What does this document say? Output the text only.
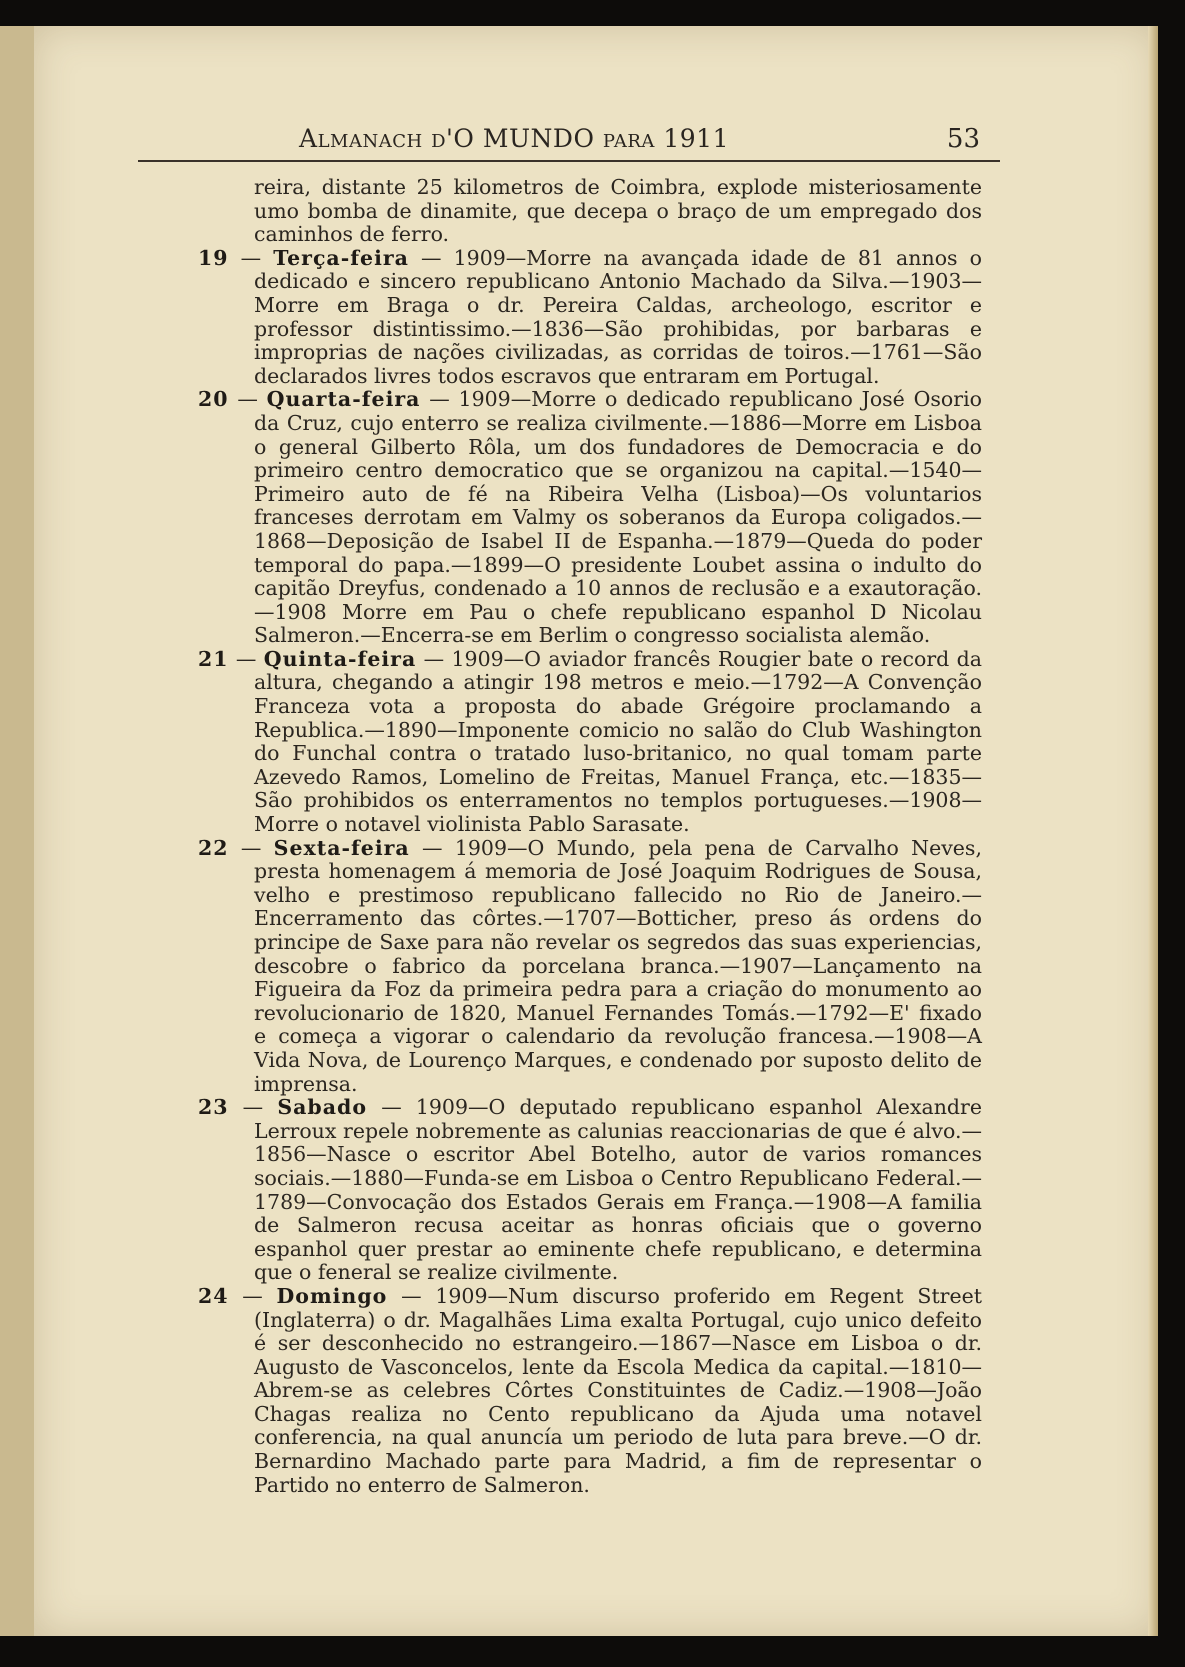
Almanach d'O MUNDO para 1911	53

reira, distante 25 kilometros de Coimbra, explode misteriosamente umo bomba de dinamite, que decepa o braço de um empregado dos caminhos de ferro.

19 — Terça-feira — 1909—Morre na avançada idade de 81 annos o dedicado e sincero republicano Antonio Machado da Silva.—1903—Morre em Braga o dr. Pereira Caldas, archeologo, escritor e professor distintissimo.—1836—São prohibidas, por barbaras e improprias de nações civilizadas, as corridas de toiros.—1761—São declarados livres todos escravos que entraram em Portugal.

20 — Quarta-feira — 1909—Morre o dedicado republicano José Osorio da Cruz, cujo enterro se realiza civilmente.—1886—Morre em Lisboa o general Gilberto Rôla, um dos fundadores de Democracia e do primeiro centro democratico que se organizou na capital.—1540—Primeiro auto de fé na Ribeira Velha (Lisboa)—Os voluntarios franceses derrotam em Valmy os soberanos da Europa coligados.—1868—Deposição de Isabel II de Espanha.—1879—Queda do poder temporal do papa.—1899—O presidente Loubet assina o indulto do capitão Dreyfus, condenado a 10 annos de reclusão e a exautoração.—1908 Morre em Pau o chefe republicano espanhol D Nicolau Salmeron.—Encerra-se em Berlim o congresso socialista alemão.

21 — Quinta-feira — 1909—O aviador francês Rougier bate o record da altura, chegando a atingir 198 metros e meio.—1792—A Convenção Franceza vota a proposta do abade Grégoire proclamando a Republica.—1890—Imponente comicio no salão do Club Washington do Funchal contra o tratado luso-britanico, no qual tomam parte Azevedo Ramos, Lomelino de Freitas, Manuel França, etc.—1835—São prohibidos os enterramentos no templos portugueses.—1908—Morre o notavel violinista Pablo Sarasate.

22 — Sexta-feira — 1909—O Mundo, pela pena de Carvalho Neves, presta homenagem á memoria de José Joaquim Rodrigues de Sousa, velho e prestimoso republicano fallecido no Rio de Janeiro.—Encerramento das côrtes.—1707—Botticher, preso ás ordens do principe de Saxe para não revelar os segredos das suas experiencias, descobre o fabrico da porcelana branca.—1907—Lançamento na Figueira da Foz da primeira pedra para a criação do monumento ao revolucionario de 1820, Manuel Fernandes Tomás.—1792—E' fixado e começa a vigorar o calendario da revolução francesa.—1908—A Vida Nova, de Lourenço Marques, e condenado por suposto delito de imprensa.

23 — Sabado — 1909—O deputado republicano espanhol Alexandre Lerroux repele nobremente as calunias reaccionarias de que é alvo.—1856—Nasce o escritor Abel Botelho, autor de varios romances sociais.—1880—Funda-se em Lisboa o Centro Republicano Federal.—1789—Convocação dos Estados Gerais em França.—1908—A familia de Salmeron recusa aceitar as honras oficiais que o governo espanhol quer prestar ao eminente chefe republicano, e determina que o feneral se realize civilmente.

24 — Domingo — 1909—Num discurso proferido em Regent Street (Inglaterra) o dr. Magalhães Lima exalta Portugal, cujo unico defeito é ser desconhecido no estrangeiro.—1867—Nasce em Lisboa o dr. Augusto de Vasconcelos, lente da Escola Medica da capital.—1810—Abrem-se as celebres Côrtes Constituintes de Cadiz.—1908—João Chagas realiza no Cento republicano da Ajuda uma notavel conferencia, na qual anuncía um periodo de luta para breve.—O dr. Bernardino Machado parte para Madrid, a fim de representar o Partido no enterro de Salmeron.
